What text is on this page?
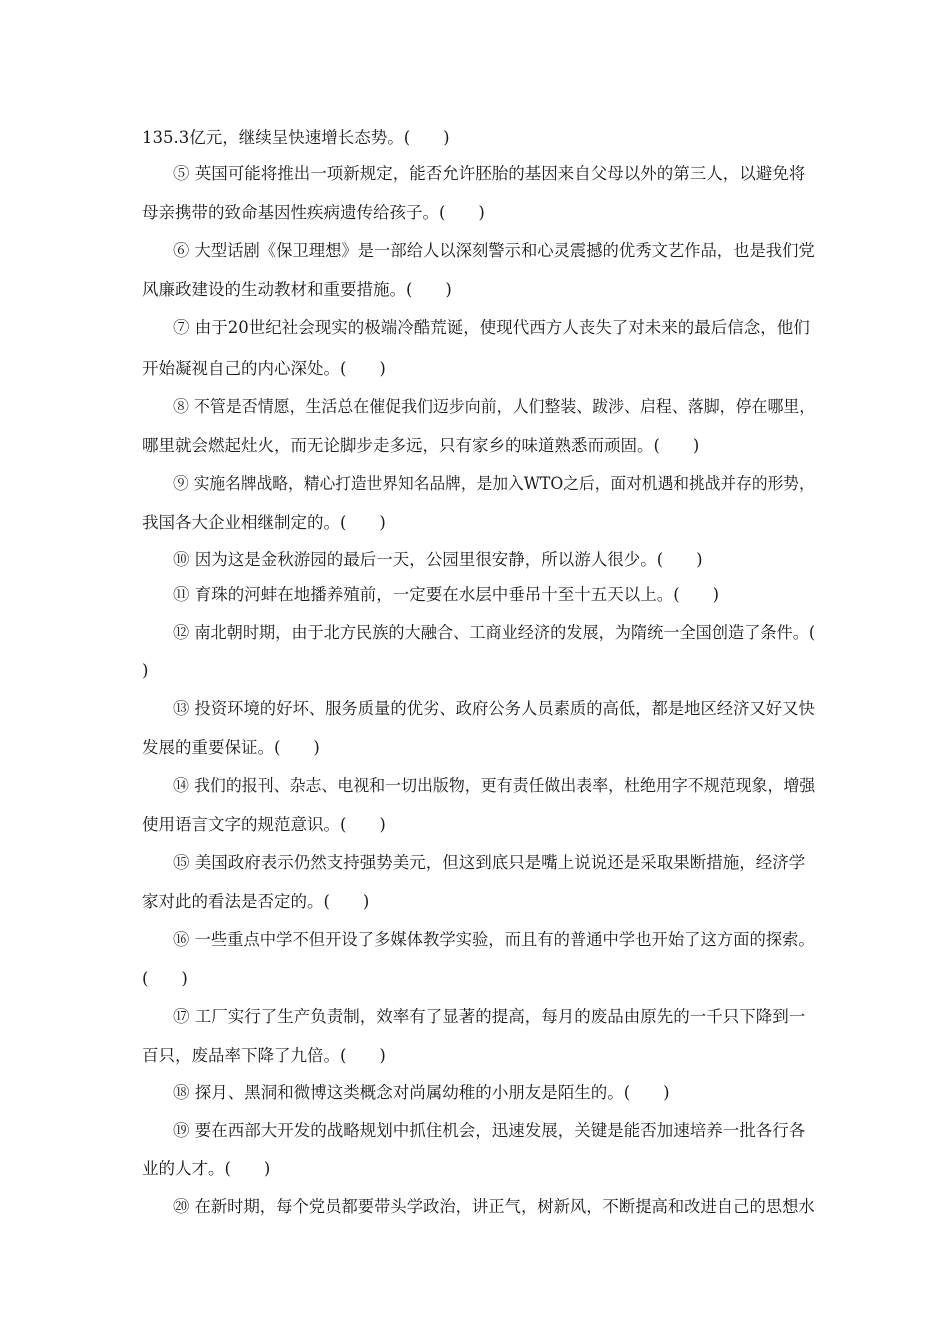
135.3亿元，继续呈快速增长态势。(　　)
⑤ 英国可能将推出一项新规定，能否允许胚胎的基因来自父母以外的第三人，以避免将
母亲携带的致命基因性疾病遗传给孩子。(　　)
⑥ 大型话剧《保卫理想》是一部给人以深刻警示和心灵震撼的优秀文艺作品，也是我们党
风廉政建设的生动教材和重要措施。(　　)
⑦ 由于20世纪社会现实的极端冷酷荒诞，使现代西方人丧失了对未来的最后信念，他们
开始凝视自己的内心深处。(　　)
⑧ 不管是否情愿，生活总在催促我们迈步向前，人们整装、跋涉、启程、落脚，停在哪里，
哪里就会燃起灶火，而无论脚步走多远，只有家乡的味道熟悉而顽固。(　　)
⑨ 实施名牌战略，精心打造世界知名品牌，是加入WTO之后，面对机遇和挑战并存的形势，
我国各大企业相继制定的。(　　)
⑩ 因为这是金秋游园的最后一天，公园里很安静，所以游人很少。(　　)
⑪ 育珠的河蚌在地播养殖前，一定要在水层中垂吊十至十五天以上。(　　)
⑫ 南北朝时期，由于北方民族的大融合、工商业经济的发展，为隋统一全国创造了条件。(
)
⑬ 投资环境的好坏、服务质量的优劣、政府公务人员素质的高低，都是地区经济又好又快
发展的重要保证。(　　)
⑭ 我们的报刊、杂志、电视和一切出版物，更有责任做出表率，杜绝用字不规范现象，增强
使用语言文字的规范意识。(　　)
⑮ 美国政府表示仍然支持强势美元，但这到底只是嘴上说说还是采取果断措施，经济学
家对此的看法是否定的。(　　)
⑯ 一些重点中学不但开设了多媒体教学实验，而且有的普通中学也开始了这方面的探索。
(　　)
⑰ 工厂实行了生产负责制，效率有了显著的提高，每月的废品由原先的一千只下降到一
百只，废品率下降了九倍。(　　)
⑱ 探月、黑洞和微博这类概念对尚属幼稚的小朋友是陌生的。(　　)
⑲ 要在西部大开发的战略规划中抓住机会，迅速发展，关键是能否加速培养一批各行各
业的人才。(　　)
⑳ 在新时期，每个党员都要带头学政治，讲正气，树新风，不断提高和改进自己的思想水
